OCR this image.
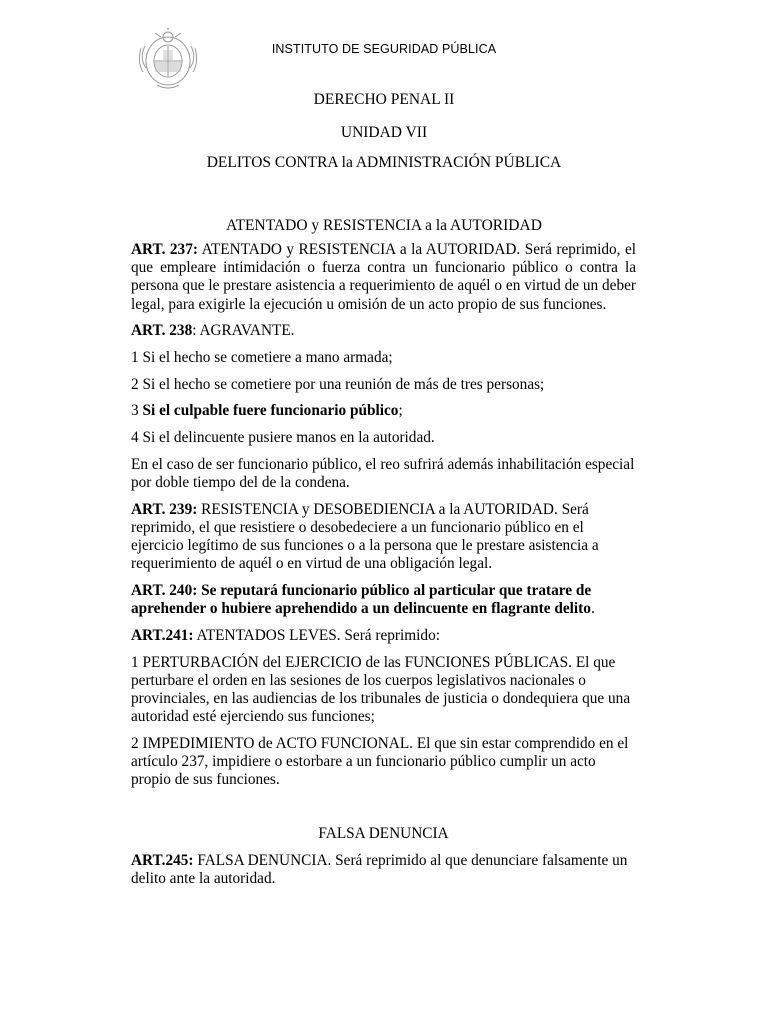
INSTITUTO DE SEGURIDAD PÚBLICA
DERECHO PENAL II
UNIDAD VII
DELITOS CONTRA la ADMINISTRACIÓN PÚBLICA
ATENTADO y RESISTENCIA a la AUTORIDAD

ART. 237: ATENTADO y RESISTENCIA a la AUTORIDAD. Será reprimido, el que empleare intimidación o fuerza contra un funcionario público o contra la persona que le prestare asistencia a requerimiento de aquél o en virtud de un deber legal, para exigirle la ejecución u omisión de un acto propio de sus funciones.

ART. 238: AGRAVANTE.

1 Si el hecho se cometiere a mano armada;

2 Si el hecho se cometiere por una reunión de más de tres personas;

3 Si el culpable fuere funcionario público;

4 Si el delincuente pusiere manos en la autoridad.

En el caso de ser funcionario público, el reo sufrirá además inhabilitación especial por doble tiempo del de la condena.

ART. 239: RESISTENCIA y DESOBEDIENCIA a la AUTORIDAD. Será reprimido, el que resistiere o desobedeciere a un funcionario público en el ejercicio legítimo de sus funciones o a la persona que le prestare asistencia a requerimiento de aquél o en virtud de una obligación legal.

ART. 240: Se reputará funcionario público al particular que tratare de aprehender o hubiere aprehendido a un delincuente en flagrante delito.

ART.241: ATENTADOS LEVES. Será reprimido:

1 PERTURBACIÓN del EJERCICIO de las FUNCIONES PÚBLICAS. El que perturbare el orden en las sesiones de los cuerpos legislativos nacionales o provinciales, en las audiencias de los tribunales de justicia o dondequiera que una autoridad esté ejerciendo sus funciones;

2 IMPEDIMIENTO de ACTO FUNCIONAL. El que sin estar comprendido en el artículo 237, impidiere o estorbare a un funcionario público cumplir un acto propio de sus funciones.

FALSA DENUNCIA

ART.245: FALSA DENUNCIA. Será reprimido al que denunciare falsamente un delito ante la autoridad.
